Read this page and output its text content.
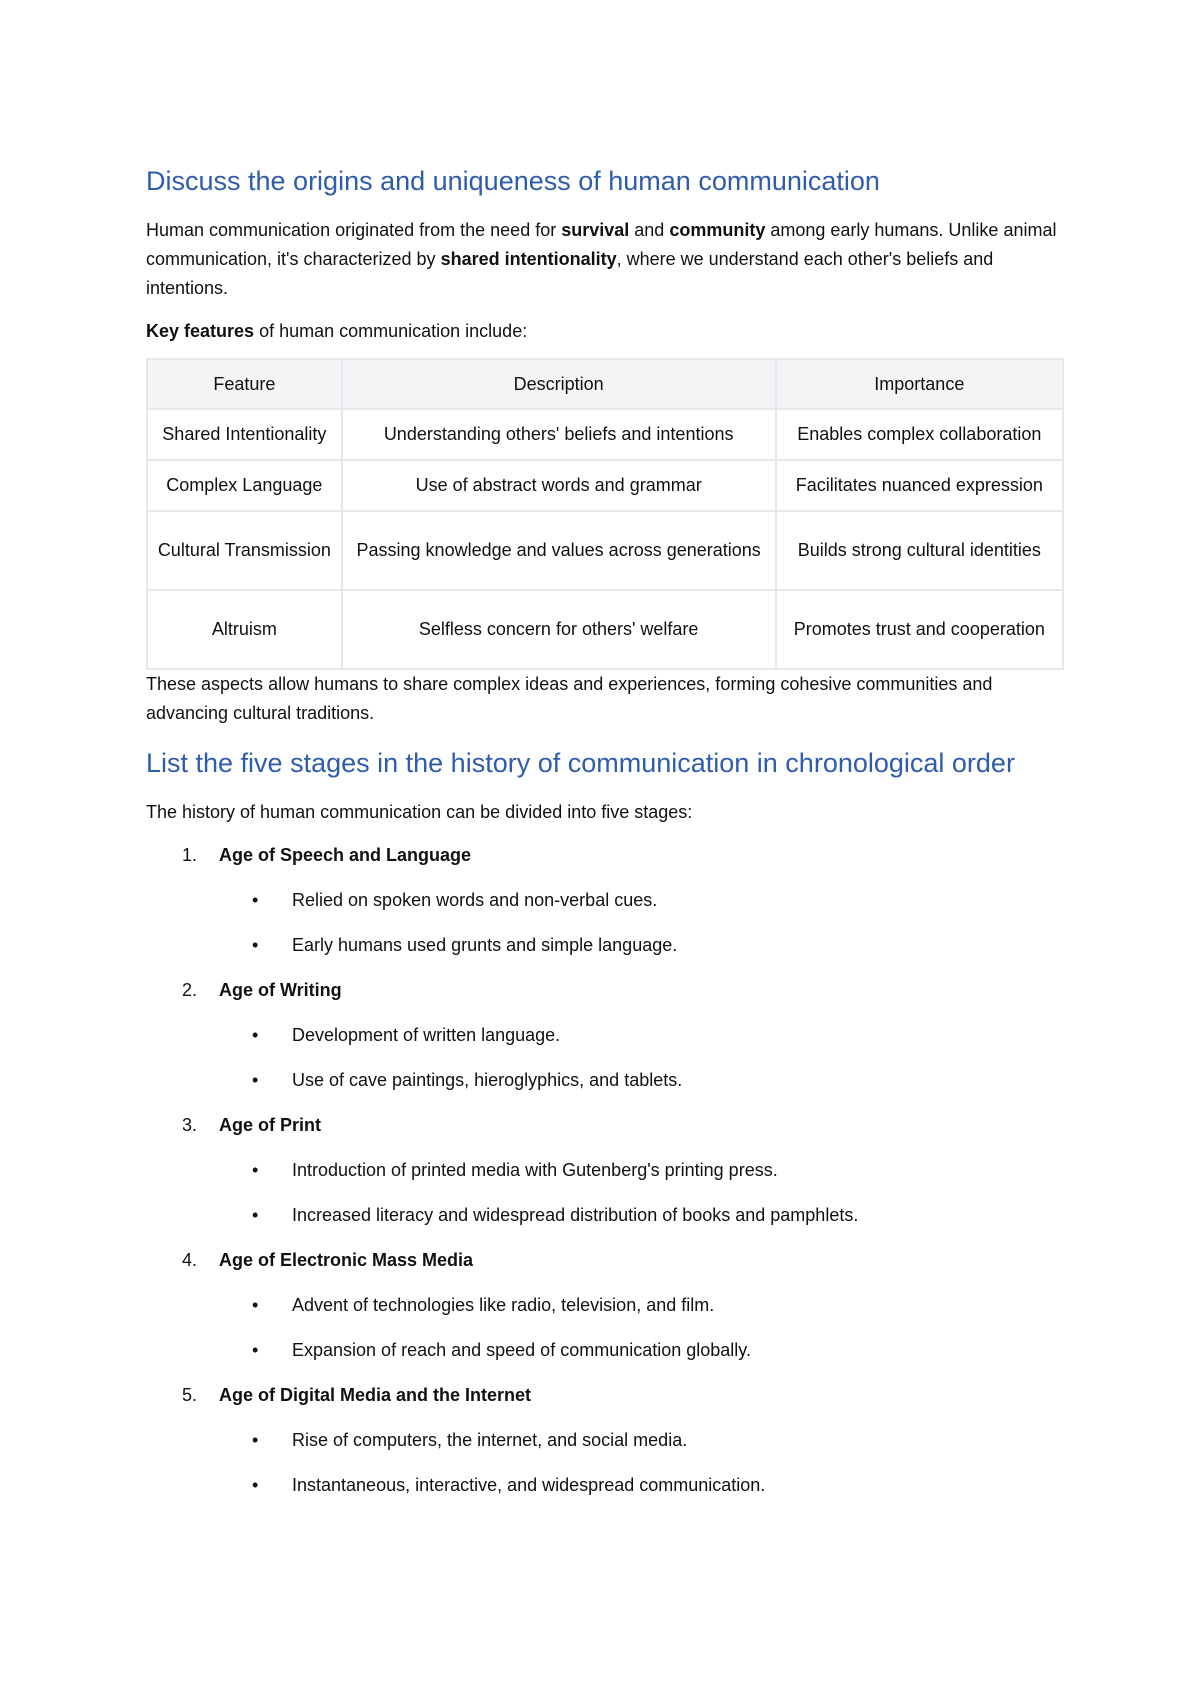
Discuss the origins and uniqueness of human communication

Human communication originated from the need for survival and community among early humans. Unlike animal communication, it's characterized by shared intentionality, where we understand each other's beliefs and intentions.

Key features of human communication include:

Feature	Description	Importance
Shared Intentionality	Understanding others' beliefs and intentions	Enables complex collaboration
Complex Language	Use of abstract words and grammar	Facilitates nuanced expression
Cultural Transmission	Passing knowledge and values across generations	Builds strong cultural identities
Altruism	Selfless concern for others' welfare	Promotes trust and cooperation

These aspects allow humans to share complex ideas and experiences, forming cohesive communities and advancing cultural traditions.

List the five stages in the history of communication in chronological order

The history of human communication can be divided into five stages:

1.	Age of Speech and Language
•	Relied on spoken words and non-verbal cues.
•	Early humans used grunts and simple language.
2.	Age of Writing
•	Development of written language.
•	Use of cave paintings, hieroglyphics, and tablets.
3.	Age of Print
•	Introduction of printed media with Gutenberg's printing press.
•	Increased literacy and widespread distribution of books and pamphlets.
4.	Age of Electronic Mass Media
•	Advent of technologies like radio, television, and film.
•	Expansion of reach and speed of communication globally.
5.	Age of Digital Media and the Internet
•	Rise of computers, the internet, and social media.
•	Instantaneous, interactive, and widespread communication.
